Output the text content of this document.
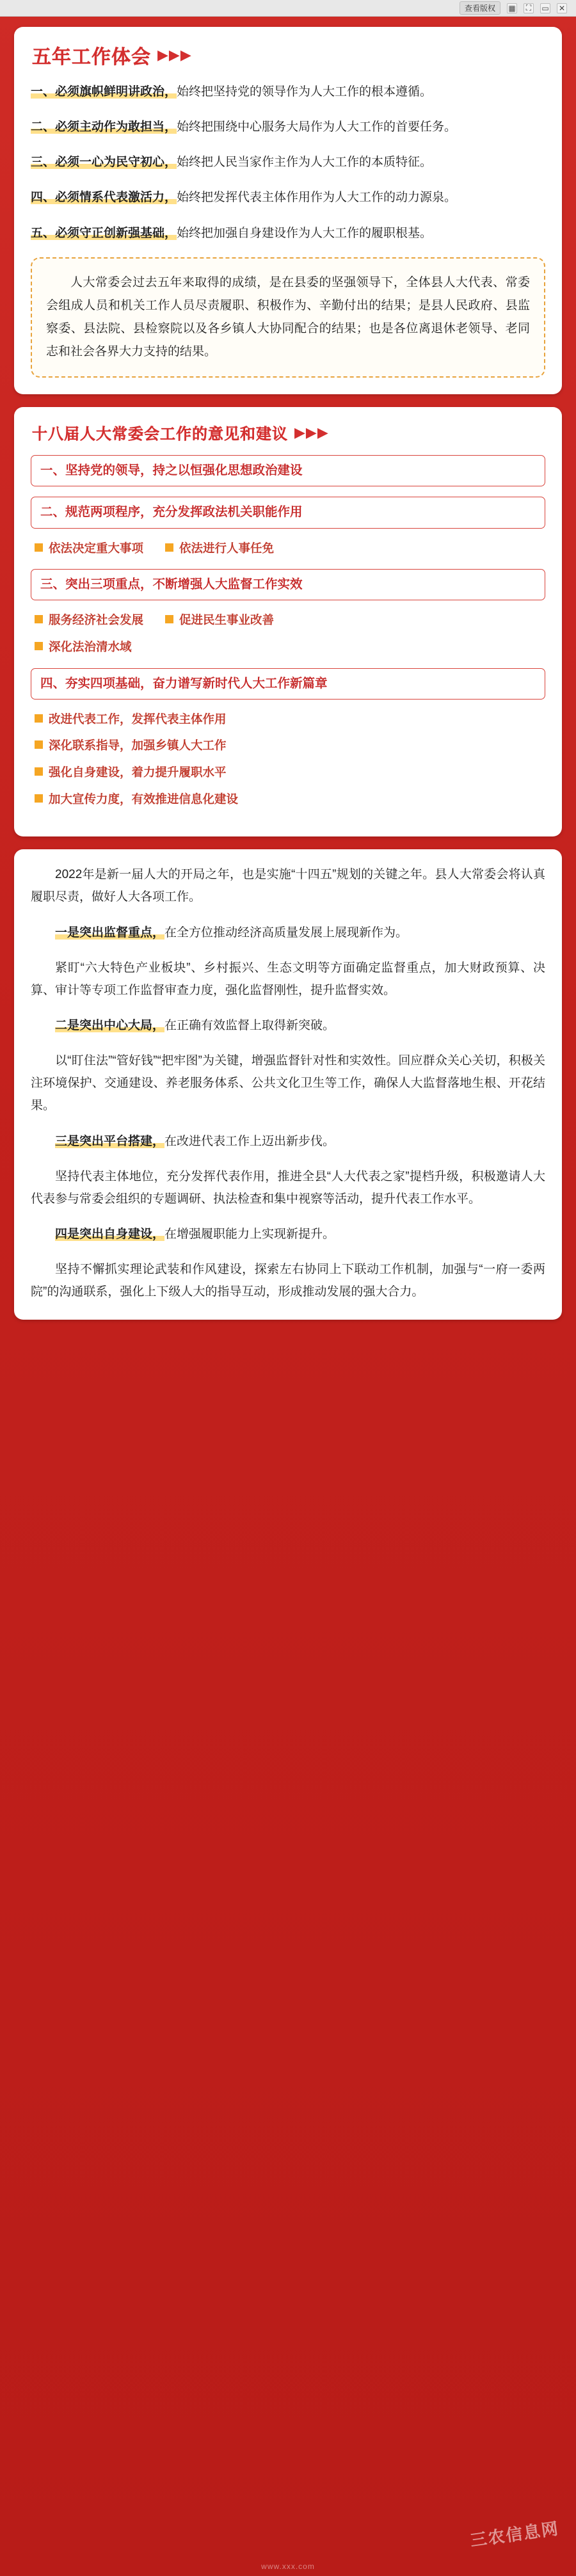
查看版权	▦	⛶	▭ ✕
五年工作体会 ▶▶▶

一、必须旗帜鲜明讲政治，始终把坚持党的领导作为人大工作的根本遵循。

二、必须主动作为敢担当，始终把围绕中心服务大局作为人大工作的首要任务。

三、必须一心为民守初心，始终把人民当家作主作为人大工作的本质特征。

四、必须情系代表激活力，始终把发挥代表主体作用作为人大工作的动力源泉。

五、必须守正创新强基础，始终把加强自身建设作为人大工作的履职根基。

人大常委会过去五年来取得的成绩，是在县委的坚强领导下，全体县人大代表、常委会组成人员和机关工作人员尽责履职、积极作为、辛勤付出的结果；是县人民政府、县监察委、县法院、县检察院以及各乡镇人大协同配合的结果；也是各位离退休老领导、老同志和社会各界大力支持的结果。

十八届人大常委会工作的意见和建议 ▶▶▶
一、坚持党的领导，持之以恒强化思想政治建设
二、规范两项程序，充分发挥政法机关职能作用
依法决定重大事项	依法进行人事任免
三、突出三项重点，不断增强人大监督工作实效
服务经济社会发展	促进民生事业改善
深化法治清水域
四、夯实四项基础，奋力谱写新时代人大工作新篇章
改进代表工作，发挥代表主体作用
深化联系指导，加强乡镇人大工作
强化自身建设，着力提升履职水平
加大宣传力度，有效推进信息化建设

2022年是新一届人大的开局之年，也是实施“十四五”规划的关键之年。县人大常委会将认真履职尽责，做好人大各项工作。

一是突出监督重点，在全方位推动经济高质量发展上展现新作为。

紧盯“六大特色产业板块”、乡村振兴、生态文明等方面确定监督重点，加大财政预算、决算、审计等专项工作监督审查力度，强化监督刚性，提升监督实效。

二是突出中心大局，在正确有效监督上取得新突破。

以“盯住法”“管好钱”“把牢图”为关键，增强监督针对性和实效性。回应群众关心关切，积极关注环境保护、交通建设、养老服务体系、公共文化卫生等工作，确保人大监督落地生根、开花结果。

三是突出平台搭建，在改进代表工作上迈出新步伐。

坚持代表主体地位，充分发挥代表作用，推进全县“人大代表之家”提档升级，积极邀请人大代表参与常委会组织的专题调研、执法检查和集中视察等活动，提升代表工作水平。

四是突出自身建设，在增强履职能力上实现新提升。

坚持不懈抓实理论武装和作风建设，探索左右协同上下联动工作机制，加强与“一府一委两院”的沟通联系，强化上下级人大的指导互动，形成推动发展的强大合力。

三农信息网
www.xxx.com
